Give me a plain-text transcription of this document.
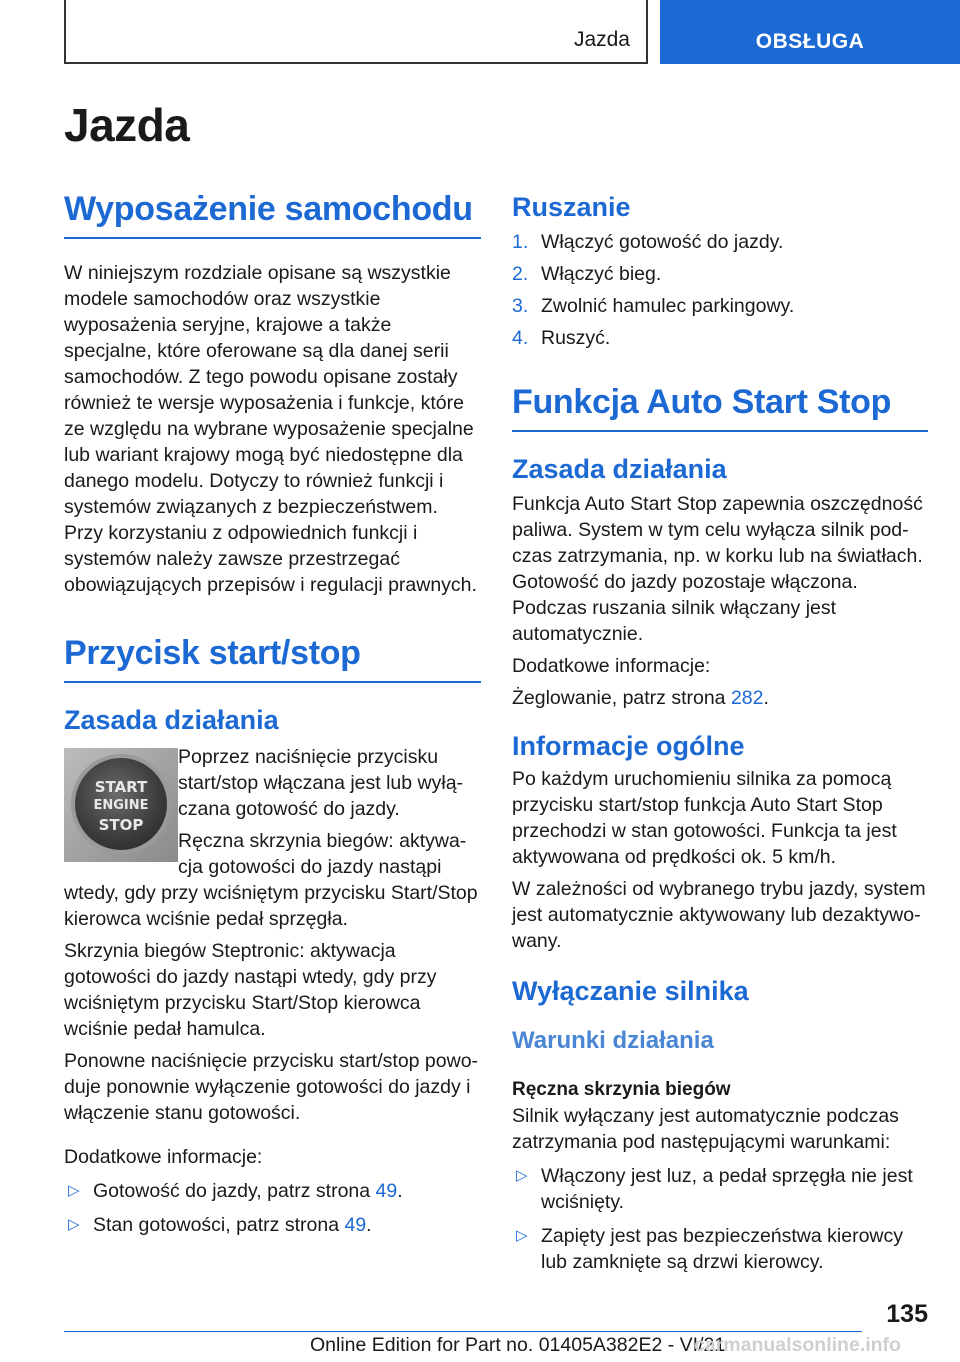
Jazda	OBSŁUGA
Jazda
Wyposażenie samochodu

W niniejszym rozdziale opisane są wszystkie modele samochodów oraz wszystkie wyposażenia seryjne, krajowe a także specjalne, które oferowane są dla danej serii samochodów. Z tego powodu opisane zostały również te wersje wyposażenia i funkcje, które ze względu na wybrane wyposażenie specjalne lub wariant krajowy mogą być niedostępne dla danego modelu. Dotyczy to również funkcji i systemów związanych z bezpieczeństwem. Przy korzystaniu z odpowiednich funkcji i systemów należy zawsze przestrzegać obowiązujących przepisów i regulacji prawnych.

Przycisk start/stop
Zasada działania
START
ENGINE
STOP

Poprzez naciśnięcie przycisku start/stop włączana jest lub wyłączana gotowość do jazdy.

Ręczna skrzynia biegów: aktywacja gotowości do jazdy nastąpi wtedy, gdy przy wciśniętym przycisku Start/Stop kierowca wciśnie pedał sprzęgła.

Skrzynia biegów Steptronic: aktywacja gotowości do jazdy nastąpi wtedy, gdy przy wciśniętym przycisku Start/Stop kierowca wciśnie pedał hamulca.

Ponowne naciśnięcie przycisku start/stop powoduje ponownie wyłączenie gotowości do jazdy i włączenie stanu gotowości.

Dodatkowe informacje:

▷ Gotowość do jazdy, patrz strona 49.
▷ Stan gotowości, patrz strona 49.
Ruszanie
1. Włączyć gotowość do jazdy.
2. Włączyć bieg.
3. Zwolnić hamulec parkingowy.
4. Ruszyć.
Funkcja Auto Start Stop
Zasada działania

Funkcja Auto Start Stop zapewnia oszczędność paliwa. System w tym celu wyłącza silnik podczas zatrzymania, np. w korku lub na światłach. Gotowość do jazdy pozostaje włączona. Podczas ruszania silnik włączany jest automatycznie.

Dodatkowe informacje:

Żeglowanie, patrz strona 282.

Informacje ogólne

Po każdym uruchomieniu silnika za pomocą przycisku start/stop funkcja Auto Start Stop przechodzi w stan gotowości. Funkcja ta jest aktywowana od prędkości ok. 5 km/h.

W zależności od wybranego trybu jazdy, system jest automatycznie aktywowany lub dezaktywowany.

Wyłączanie silnika
Warunki działania
Ręczna skrzynia biegów

Silnik wyłączany jest automatycznie podczas zatrzymania pod następującymi warunkami:

▷ Włączony jest luz, a pedał sprzęgła nie jest wciśnięty.
▷ Zapięty jest pas bezpieczeństwa kierowcy lub zamknięte są drzwi kierowcy.
135
Online Edition for Part no. 01405A382E2 - VI/21
carmanualsonline.info
